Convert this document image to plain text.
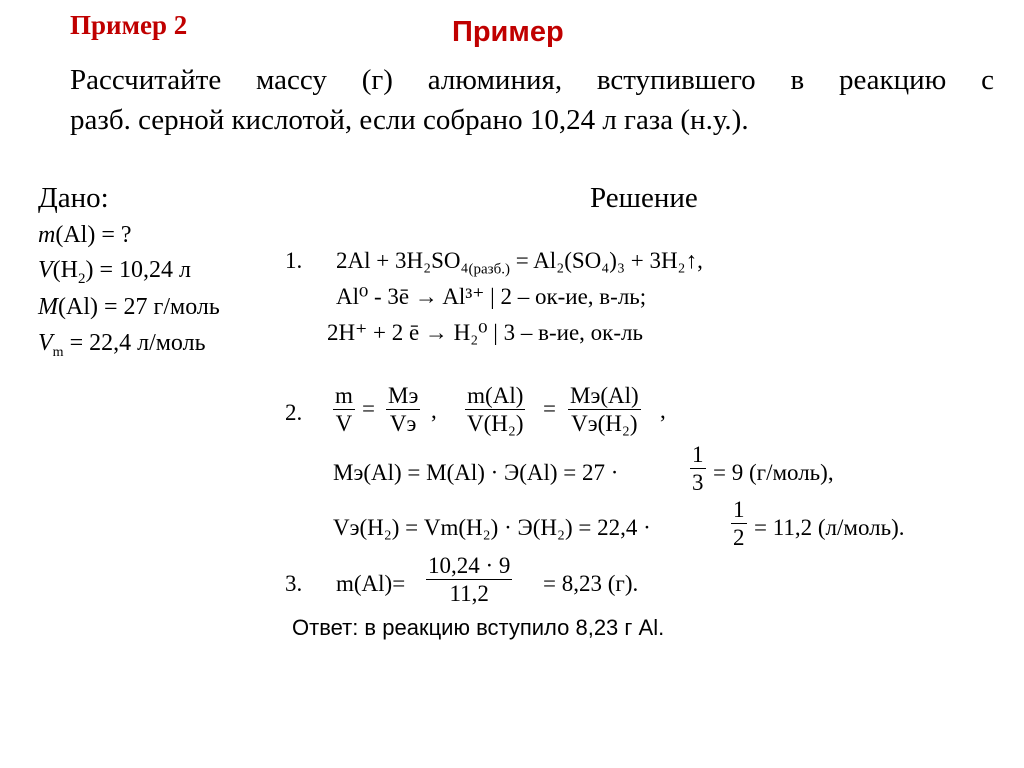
Пример 2	Пример
Рассчитайте массу (г) алюминия, вступившего в реакцию с
разб. серной кислотой, если собрано 10,24 л газа (н.у.).
Дано:
m(Al) = ?
$V(H_2) = 10,24$ л
M(Al) = 27 г/моль
$V_m = 22,4$ л/моль
Решение
1. $2Al + 3H_2SO_4_{(разб.)} = Al_2(SO_4)_3$ + 3H₂↑,
Al⁰ - 3ē → Al³⁺ | 2 – ок-ие, в-ль;
2H⁺ + 2 ē → H₂⁰ | 3 – в-ие, ок-ль
2. $\frac{m}{V}$ =
Mэ
Vэ
, $\frac{m(Al)}{\text{V(H₂)}}$ =
Mэ(Al)
Vэ(H₂)
,
Mэ(Al) = M(Al) · Э(Al) = 27 ·	$\frac{1}{3} = 9$ (г/моль),
Vэ(H₂) = Vm(H₂) · Э(H₂) = 22,4 ·	$\frac{1}{2} = 11,2$ (л/моль).
3. $m(Al)= \frac{10,24 \cdot 9}{11,2} = 8,23$ (г).
Ответ: в реакцию вступило 8,23 г Al.
